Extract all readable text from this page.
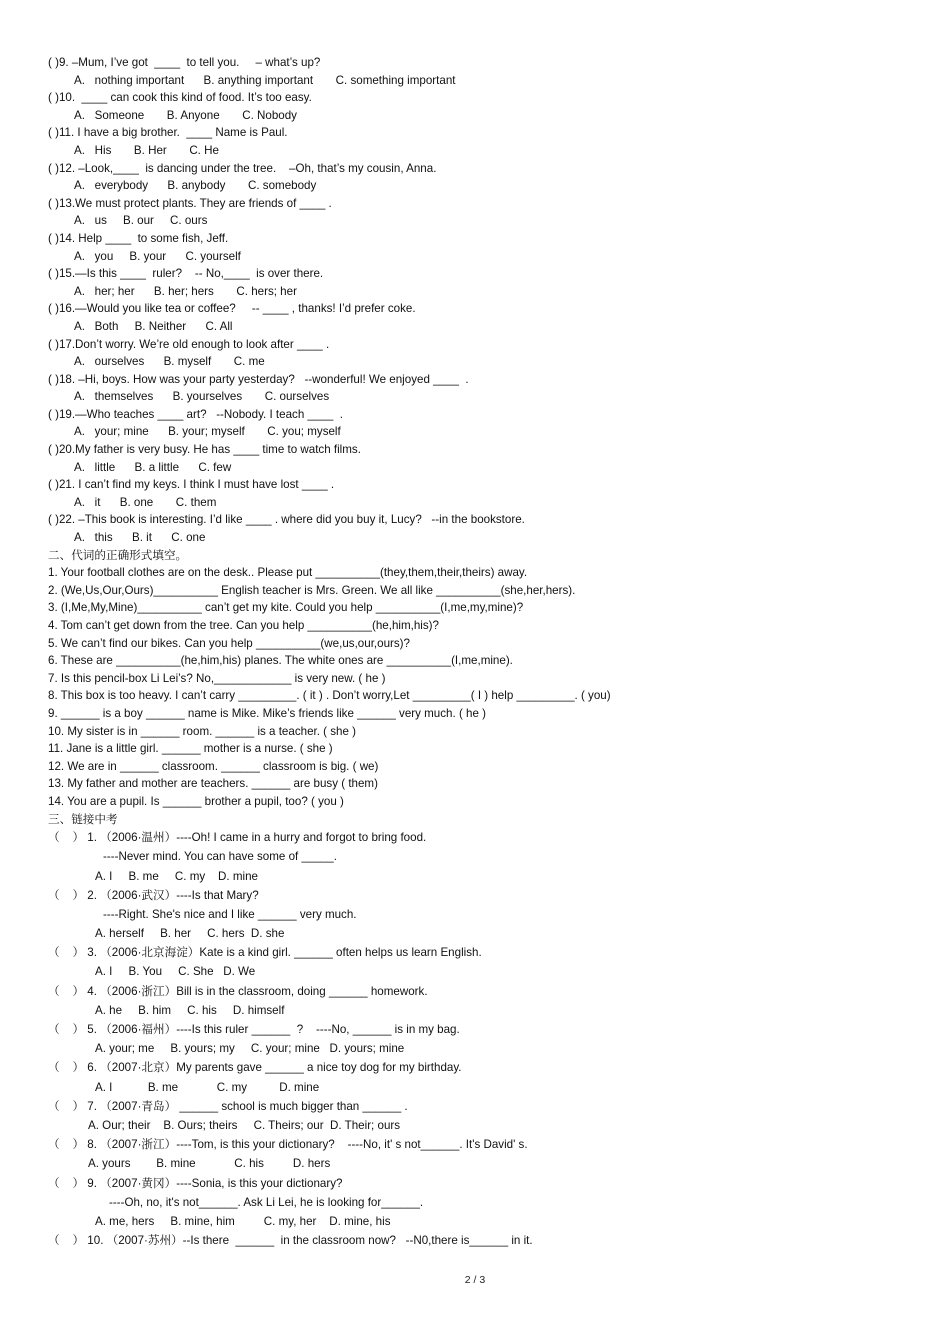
( )9. –Mum, I’ve got  ____  to tell you.     – what’s up?
A.   nothing important      B. anything important       C. something important
( )10.  ____ can cook this kind of food. It’s too easy.
A.   Someone       B. Anyone       C. Nobody
( )11. I have a big brother.  ____ Name is Paul.
A.   His       B. Her       C. He
( )12. –Look,____  is dancing under the tree.    –Oh, that’s my cousin, Anna.
A.   everybody      B. anybody       C. somebody
( )13.We must protect plants. They are friends of ____ .
A.   us     B. our     C. ours
( )14. Help ____  to some fish, Jeff.
A.   you     B. your      C. yourself
( )15.—Is this ____  ruler?    -- No,____  is over there.
A.   her; her      B. her; hers       C. hers; her
( )16.—Would you like tea or coffee?     -- ____ , thanks! I’d prefer coke.
A.   Both     B. Neither      C. All
( )17.Don’t worry. We’re old enough to look after ____ .
A.   ourselves      B. myself       C. me
( )18. –Hi, boys. How was your party yesterday?   --wonderful! We enjoyed ____  .
A.   themselves      B. yourselves       C. ourselves
( )19.—Who teaches ____ art?   --Nobody. I teach ____  .
A.   your; mine      B. your; myself       C. you; myself
( )20.My father is very busy. He has ____ time to watch films.
A.   little      B. a little      C. few
( )21. I can’t find my keys. I think I must have lost ____ .
A.   it      B. one       C. them
( )22. –This book is interesting. I’d like ____ . where did you buy it, Lucy?   --in the bookstore.
A.   this      B. it      C. one
二、代词的正确形式填空。
1. Your football clothes are on the desk.. Please put __________(they,them,their,theirs) away.
2. (We,Us,Our,Ours)__________ English teacher is Mrs. Green. We all like __________(she,her,hers).
3. (I,Me,My,Mine)__________ can’t get my kite. Could you help __________(I,me,my,mine)?
4. Tom can’t get down from the tree. Can you help __________(he,him,his)?
5. We can’t find our bikes. Can you help __________(we,us,our,ours)?
6. These are __________(he,him,his) planes. The white ones are __________(I,me,mine).
7. Is this pencil-box Li Lei’s? No,____________ is very new. ( he )
8. This box is too heavy. I can’t carry _________. ( it ) . Don’t worry,Let _________( I ) help _________. ( you)
9. ______ is a boy ______ name is Mike. Mike’s friends like ______ very much. ( he )
10. My sister is in ______ room. ______ is a teacher. ( she )
11. Jane is a little girl. ______ mother is a nurse. ( she )
12. We are in ______ classroom. ______ classroom is big. ( we)
13. My father and mother are teachers. ______ are busy ( them)
14. You are a pupil. Is ______ brother a pupil, too? ( you )
三、链接中考
（    ） 1. （2006·温州）----Oh! I came in a hurry and forgot to bring food.
----Never mind. You can have some of _____.
A. I     B. me     C. my    D. mine
（    ） 2. （2006·武汉）----Is that Mary?
----Right. She's nice and I like ______ very much.
A. herself     B. her     C. hers  D. she
（    ） 3. （2006·北京海淀）Kate is a kind girl. ______ often helps us learn English.
A. I     B. You     C. She   D. We
（    ） 4. （2006·浙江）Bill is in the classroom, doing ______ homework.
A. he     B. him     C. his     D. himself
（    ） 5. （2006·福州）----Is this ruler ______  ?    ----No, ______ is in my bag.
A. your; me     B. yours; my     C. your; mine   D. yours; mine
（    ） 6. （2007·北京）My parents gave ______ a nice toy dog for my birthday.
A. I           B. me            C. my          D. mine
（    ） 7. （2007·青岛） ______ school is much bigger than ______ .
A. Our; their    B. Ours; theirs     C. Theirs; our  D. Their; ours
（    ） 8. （2007·浙江）----Tom, is this your dictionary?    ----No, it' s not______. It's David' s.
A. yours        B. mine            C. his         D. hers
（    ） 9. （2007·黄冈）----Sonia, is this your dictionary?
----Oh, no, it's not______. Ask Li Lei, he is looking for______.
A. me, hers     B. mine, him         C. my, her    D. mine, his
（    ） 10. （2007·苏州）--Is there  ______  in the classroom now?   --N0,there is______ in it.
2 / 3
